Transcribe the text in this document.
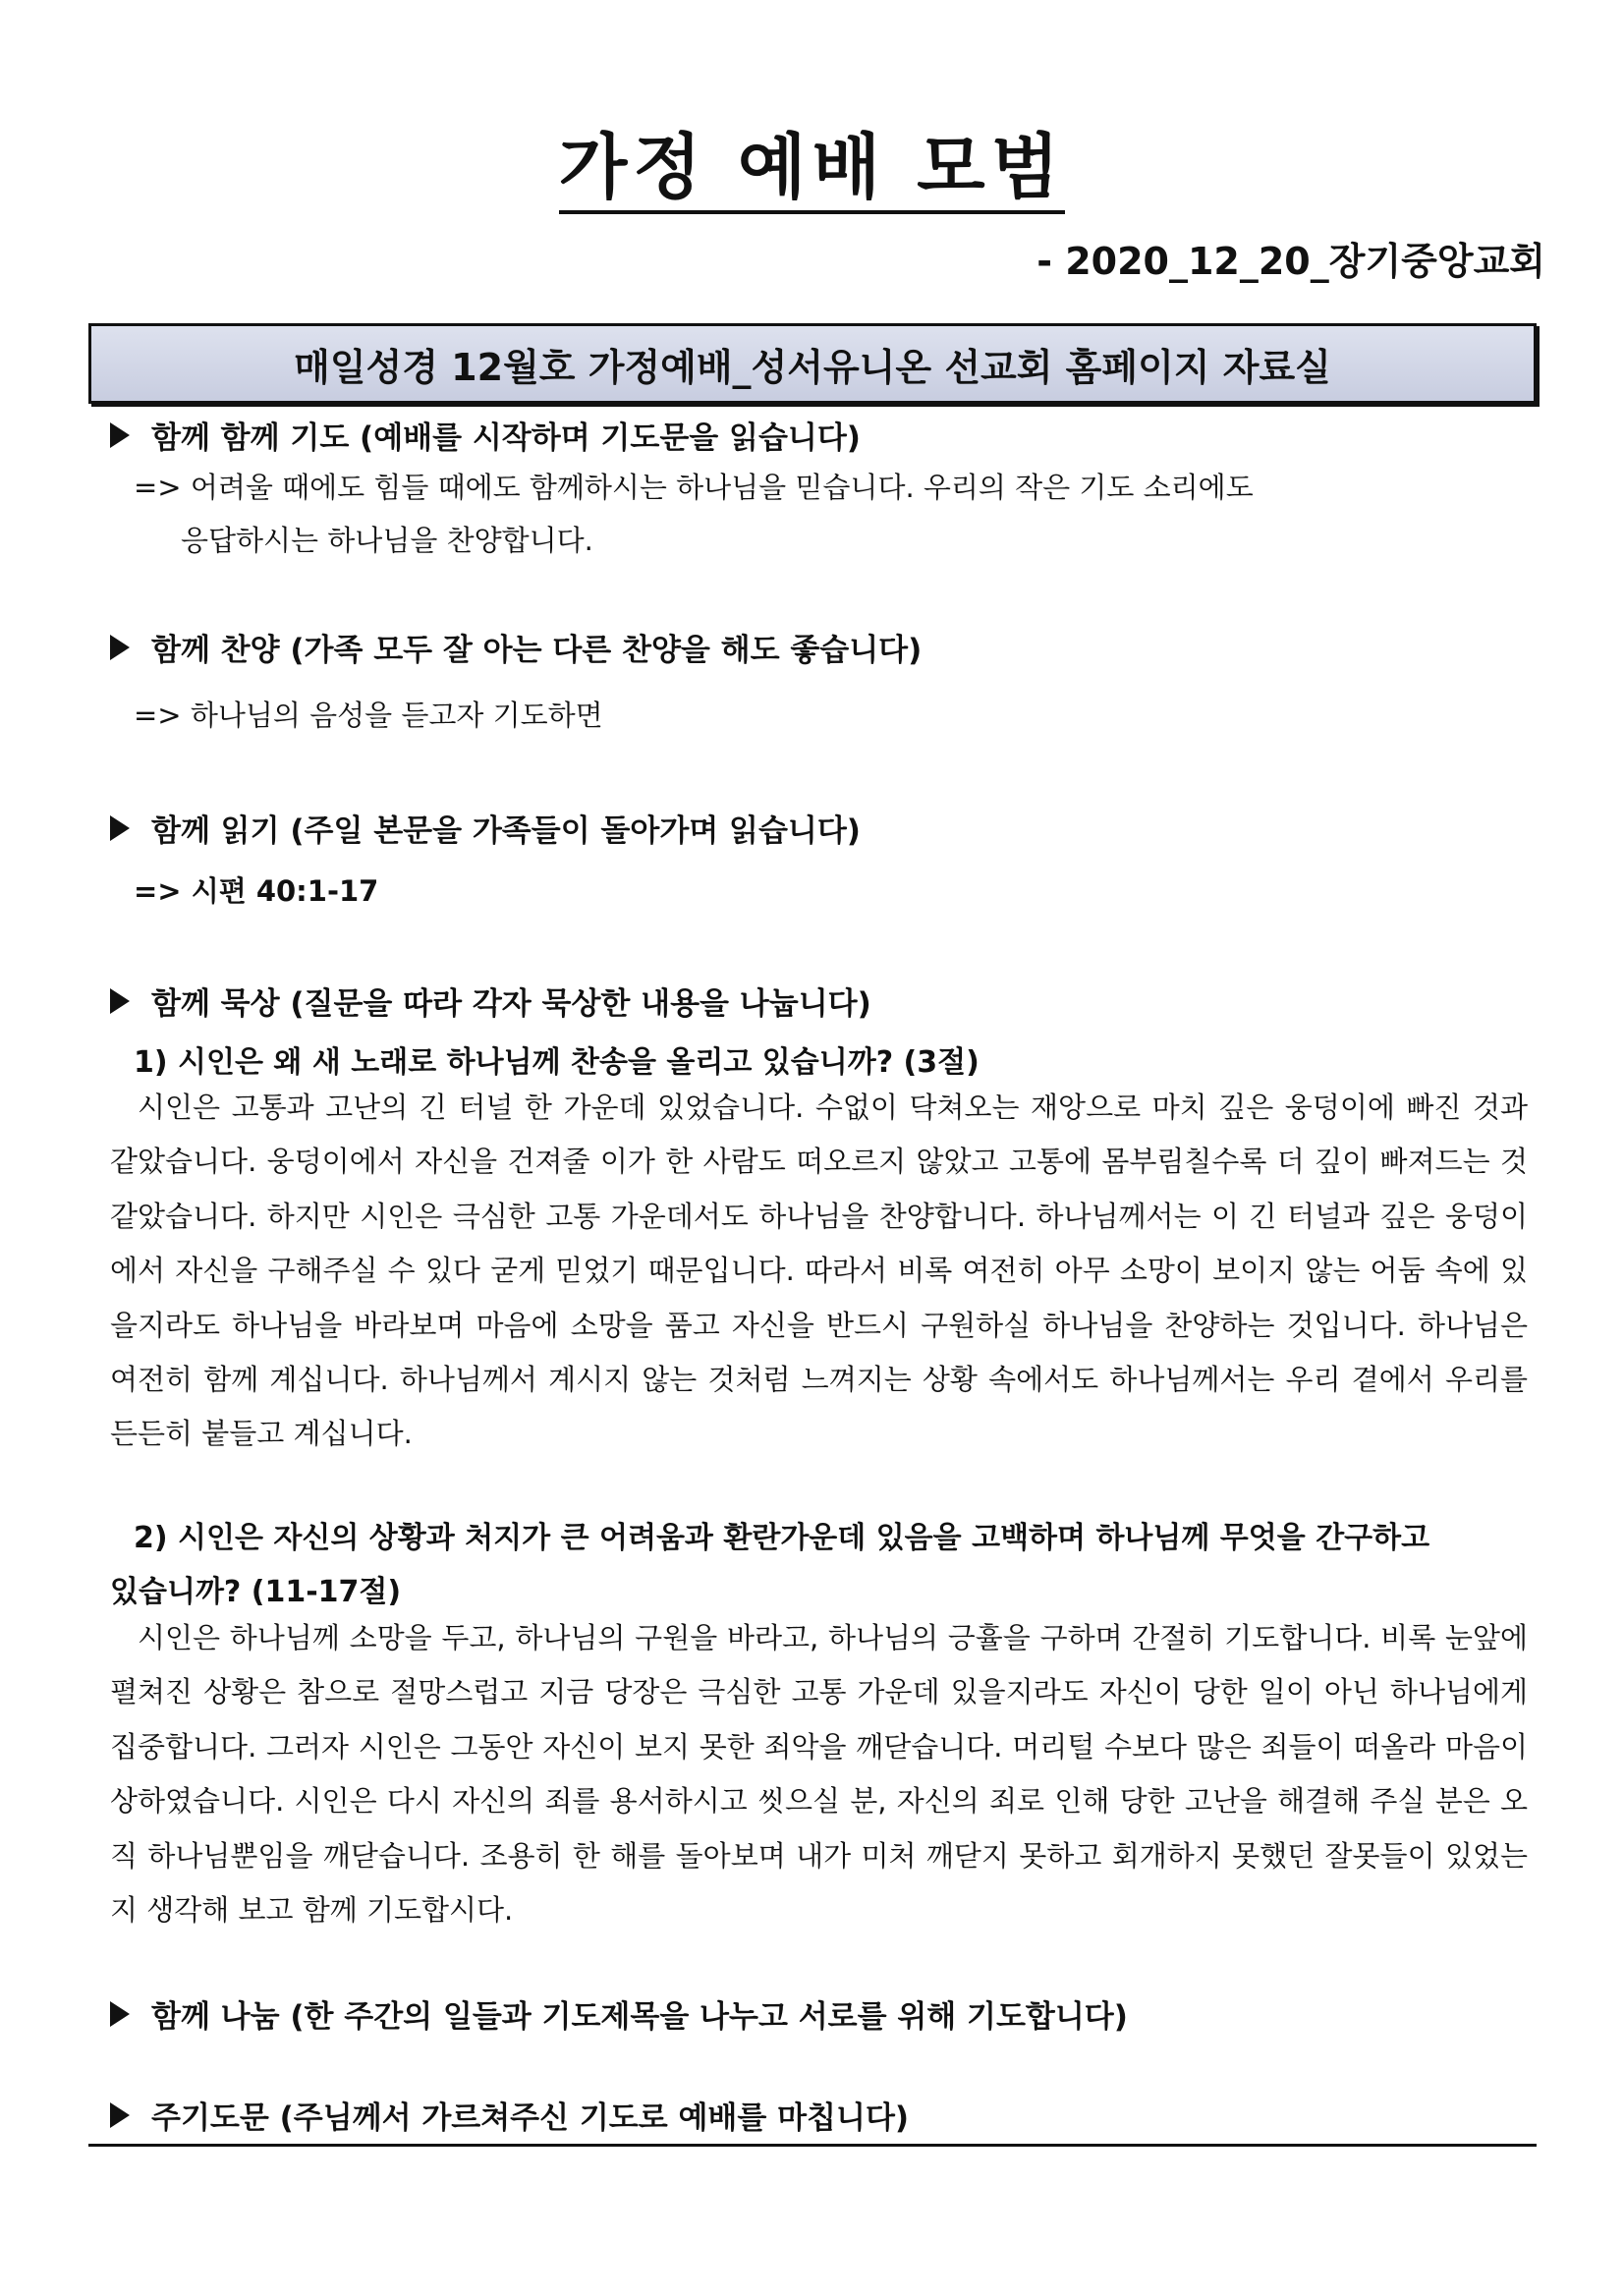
가정 예배 모범
- 2020_12_20_장기중앙교회
매일성경 12월호 가정예배_성서유니온 선교회 홈페이지 자료실
함께 함께 기도 (예배를 시작하며 기도문을 읽습니다)
=> 어려울 때에도 힘들 때에도 함께하시는 하나님을 믿습니다. 우리의 작은 기도 소리에도
응답하시는 하나님을 찬양합니다.
함께 찬양 (가족 모두 잘 아는 다른 찬양을 해도 좋습니다)
=> 하나님의 음성을 듣고자 기도하면
함께 읽기 (주일 본문을 가족들이 돌아가며 읽습니다)
=> 시편 40:1-17
함께 묵상 (질문을 따라 각자 묵상한 내용을 나눕니다)
1) 시인은 왜 새 노래로 하나님께 찬송을 올리고 있습니까? (3절)
시인은 고통과 고난의 긴 터널 한 가운데 있었습니다. 수없이 닥쳐오는 재앙으로 마치 깊은 웅덩이에 빠진 것과 같았습니다. 웅덩이에서 자신을 건져줄 이가 한 사람도 떠오르지 않았고 고통에 몸부림칠수록 더 깊이 빠져드는 것 같았습니다. 하지만 시인은 극심한 고통 가운데서도 하나님을 찬양합니다. 하나님께서는 이 긴 터널과 깊은 웅덩이에서 자신을 구해주실 수 있다 굳게 믿었기 때문입니다. 따라서 비록 여전히 아무 소망이 보이지 않는 어둠 속에 있을지라도 하나님을 바라보며 마음에 소망을 품고 자신을 반드시 구원하실 하나님을 찬양하는 것입니다. 하나님은 여전히 함께 계십니다. 하나님께서 계시지 않는 것처럼 느껴지는 상황 속에서도 하나님께서는 우리 곁에서 우리를 든든히 붙들고 계십니다.
2) 시인은 자신의 상황과 처지가 큰 어려움과 환란가운데 있음을 고백하며 하나님께 무엇을 간구하고
있습니까? (11-17절)
시인은 하나님께 소망을 두고, 하나님의 구원을 바라고, 하나님의 긍휼을 구하며 간절히 기도합니다. 비록 눈앞에 펼쳐진 상황은 참으로 절망스럽고 지금 당장은 극심한 고통 가운데 있을지라도 자신이 당한 일이 아닌 하나님에게 집중합니다. 그러자 시인은 그동안 자신이 보지 못한 죄악을 깨닫습니다. 머리털 수보다 많은 죄들이 떠올라 마음이 상하였습니다. 시인은 다시 자신의 죄를 용서하시고 씻으실 분, 자신의 죄로 인해 당한 고난을 해결해 주실 분은 오직 하나님뿐임을 깨닫습니다. 조용히 한 해를 돌아보며 내가 미처 깨닫지 못하고 회개하지 못했던 잘못들이 있었는지 생각해 보고 함께 기도합시다.
함께 나눔 (한 주간의 일들과 기도제목을 나누고 서로를 위해 기도합니다)
주기도문 (주님께서 가르쳐주신 기도로 예배를 마칩니다)
